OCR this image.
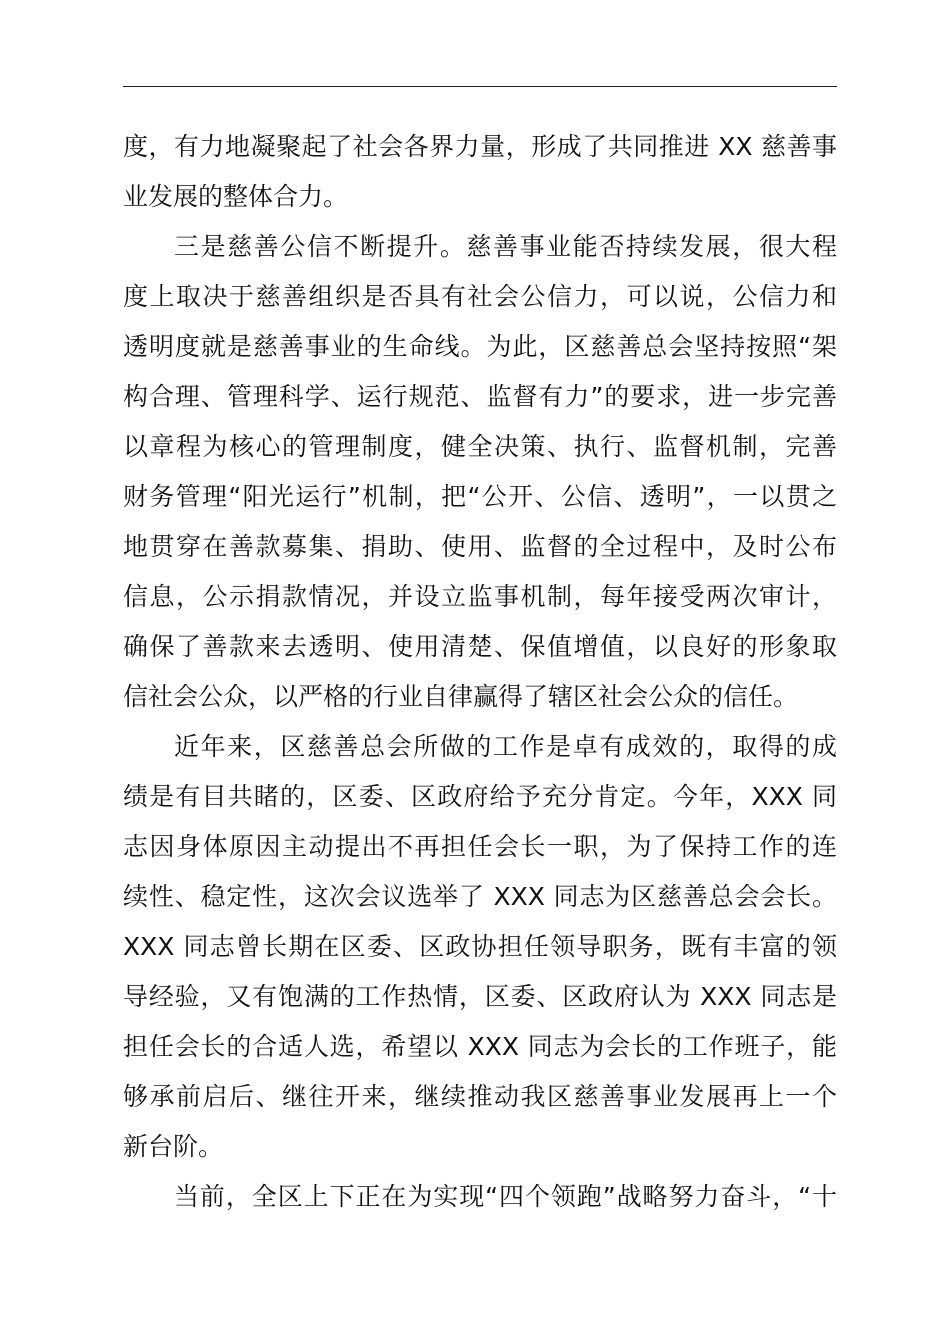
度，有力地凝聚起了社会各界力量，形成了共同推进 XX 慈善事
业发展的整体合力。
三是慈善公信不断提升。慈善事业能否持续发展，很大程
度上取决于慈善组织是否具有社会公信力，可以说，公信力和
透明度就是慈善事业的生命线。为此，区慈善总会坚持按照“架
构合理、管理科学、运行规范、监督有力”的要求，进一步完善
以章程为核心的管理制度，健全决策、执行、监督机制，完善
财务管理“阳光运行”机制，把“公开、公信、透明”，一以贯之
地贯穿在善款募集、捐助、使用、监督的全过程中，及时公布
信息，公示捐款情况，并设立监事机制，每年接受两次审计，
确保了善款来去透明、使用清楚、保值增值，以良好的形象取
信社会公众，以严格的行业自律赢得了辖区社会公众的信任。
近年来，区慈善总会所做的工作是卓有成效的，取得的成
绩是有目共睹的，区委、区政府给予充分肯定。今年，XXX 同
志因身体原因主动提出不再担任会长一职，为了保持工作的连
续性、稳定性，这次会议选举了 XXX 同志为区慈善总会会长。
XXX 同志曾长期在区委、区政协担任领导职务，既有丰富的领
导经验，又有饱满的工作热情，区委、区政府认为 XXX 同志是
担任会长的合适人选，希望以 XXX 同志为会长的工作班子，能
够承前启后、继往开来，继续推动我区慈善事业发展再上一个
新台阶。
当前，全区上下正在为实现“四个领跑”战略努力奋斗，“十
